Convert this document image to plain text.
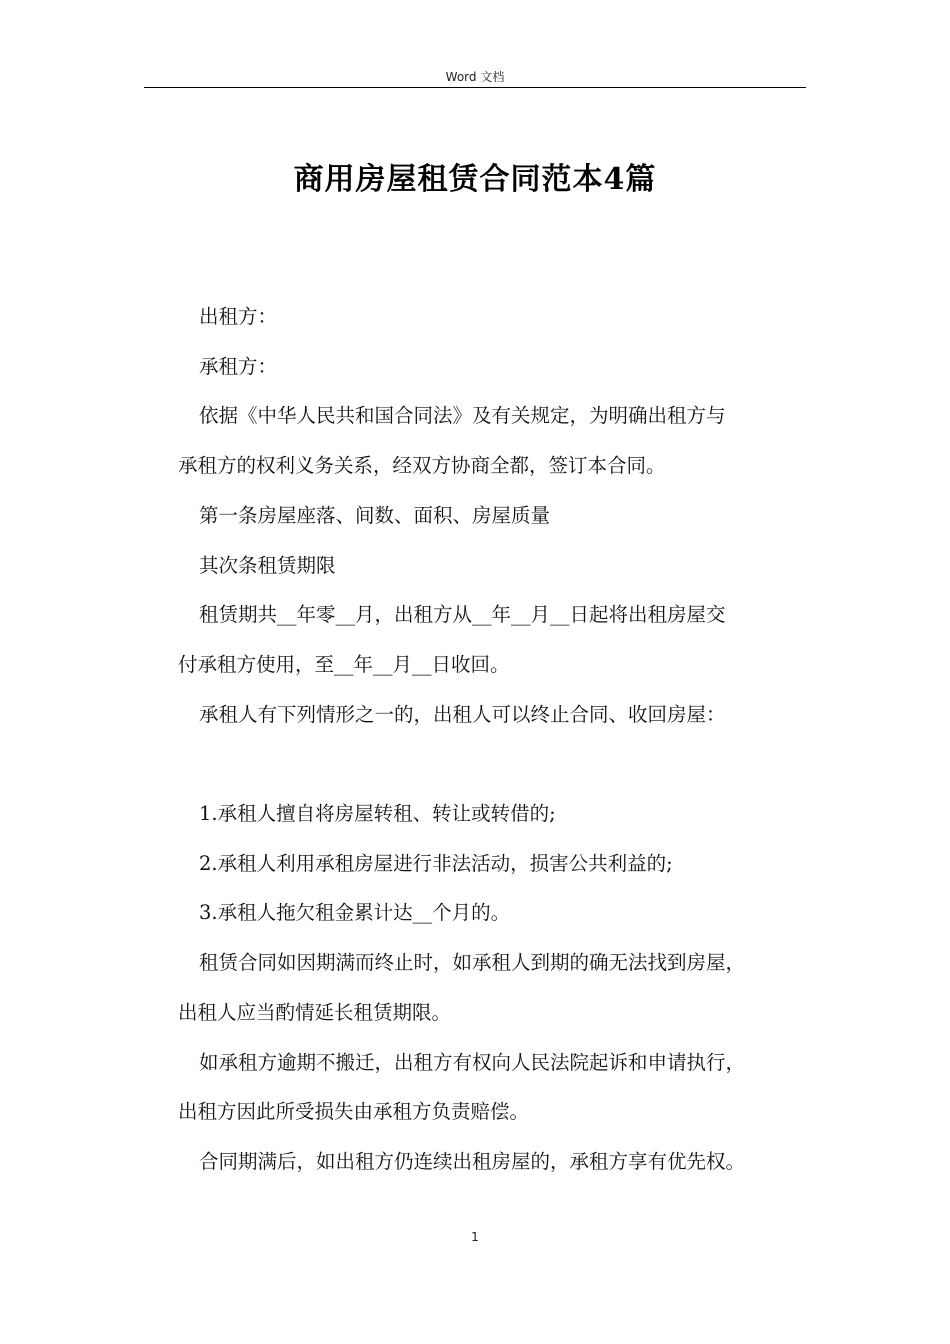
Word 文档
商用房屋租赁合同范本4篇

出租方：

承租方：

依据《中华人民共和国合同法》及有关规定，为明确出租方与

承租方的权利义务关系，经双方协商全都，签订本合同。

第一条房屋座落、间数、面积、房屋质量

其次条租赁期限

租赁期共__年零__月，出租方从__年__月__日起将出租房屋交

付承租方使用，至__年__月__日收回。

承租人有下列情形之一的，出租人可以终止合同、收回房屋：

1.承租人擅自将房屋转租、转让或转借的;

2.承租人利用承租房屋进行非法活动，损害公共利益的;

3.承租人拖欠租金累计达__个月的。

租赁合同如因期满而终止时，如承租人到期的确无法找到房屋，

出租人应当酌情延长租赁期限。

如承租方逾期不搬迁，出租方有权向人民法院起诉和申请执行，

出租方因此所受损失由承租方负责赔偿。

合同期满后，如出租方仍连续出租房屋的，承租方享有优先权。

1
